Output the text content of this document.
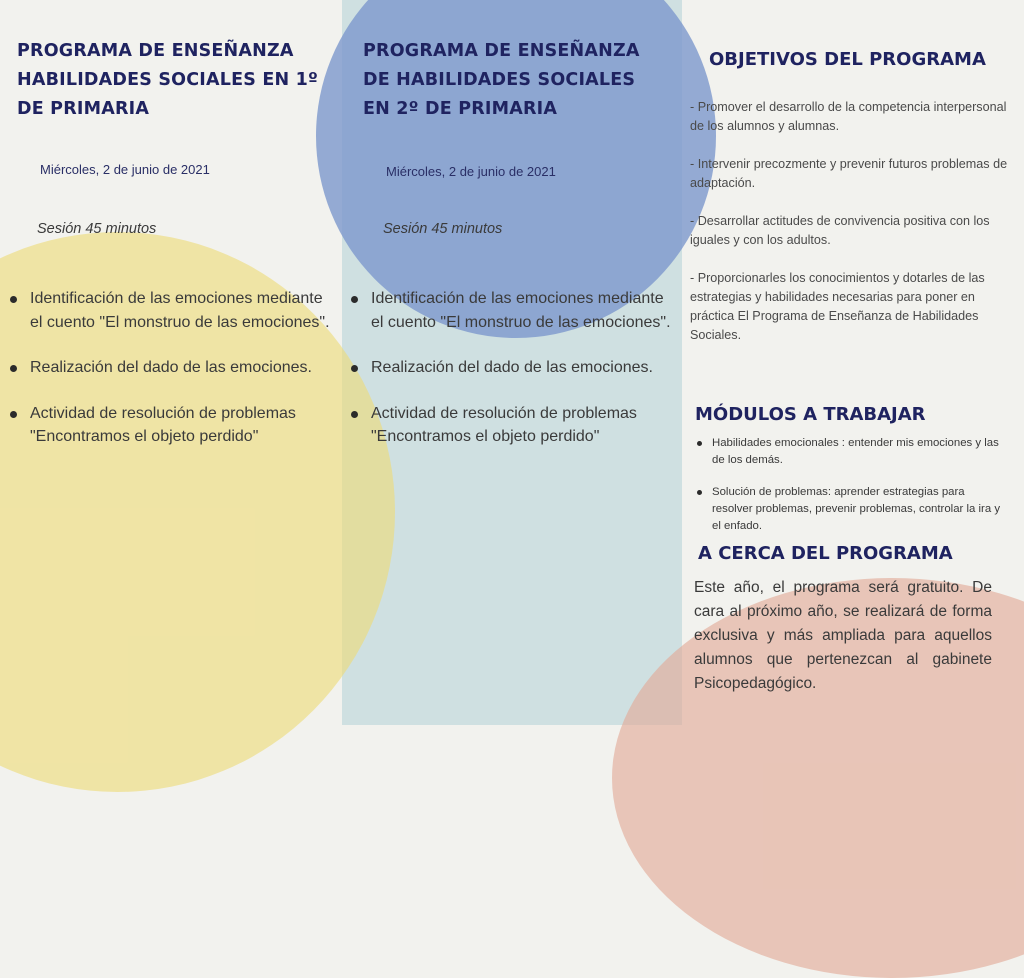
PROGRAMA DE ENSEÑANZA HABILIDADES SOCIALES EN 1º DE PRIMARIA
Miércoles, 2 de junio de 2021
Sesión 45 minutos
Identificación de las emociones mediante el cuento "El monstruo de las emociones".
Realización del dado de las emociones.
Actividad de resolución de problemas "Encontramos el objeto perdido"
PROGRAMA DE ENSEÑANZA DE HABILIDADES SOCIALES EN 2º DE PRIMARIA
Miércoles, 2 de junio de 2021
Sesión 45 minutos
Identificación de las emociones mediante el cuento "El monstruo de las emociones".
Realización del dado de las emociones.
Actividad de resolución de problemas "Encontramos el objeto perdido"
OBJETIVOS DEL PROGRAMA

- Promover el desarrollo de la competencia interpersonal de los alumnos y alumnas.

- Intervenir precozmente y prevenir futuros problemas de adaptación.

- Desarrollar actitudes de convivencia positiva con los iguales y con los adultos.

- Proporcionarles los conocimientos y dotarles de las estrategias y habilidades necesarias para poner en práctica El Programa de Enseñanza de Habilidades Sociales.

MÓDULOS A TRABAJAR
Habilidades emocionales : entender mis emociones y las de los demás.
Solución de problemas: aprender estrategias para resolver problemas, prevenir problemas, controlar la ira y el enfado.
A CERCA DEL PROGRAMA

Este año, el programa será gratuito. De cara al próximo año, se realizará de forma exclusiva y más ampliada para aquellos alumnos que pertenezcan al gabinete Psicopedagógico.
